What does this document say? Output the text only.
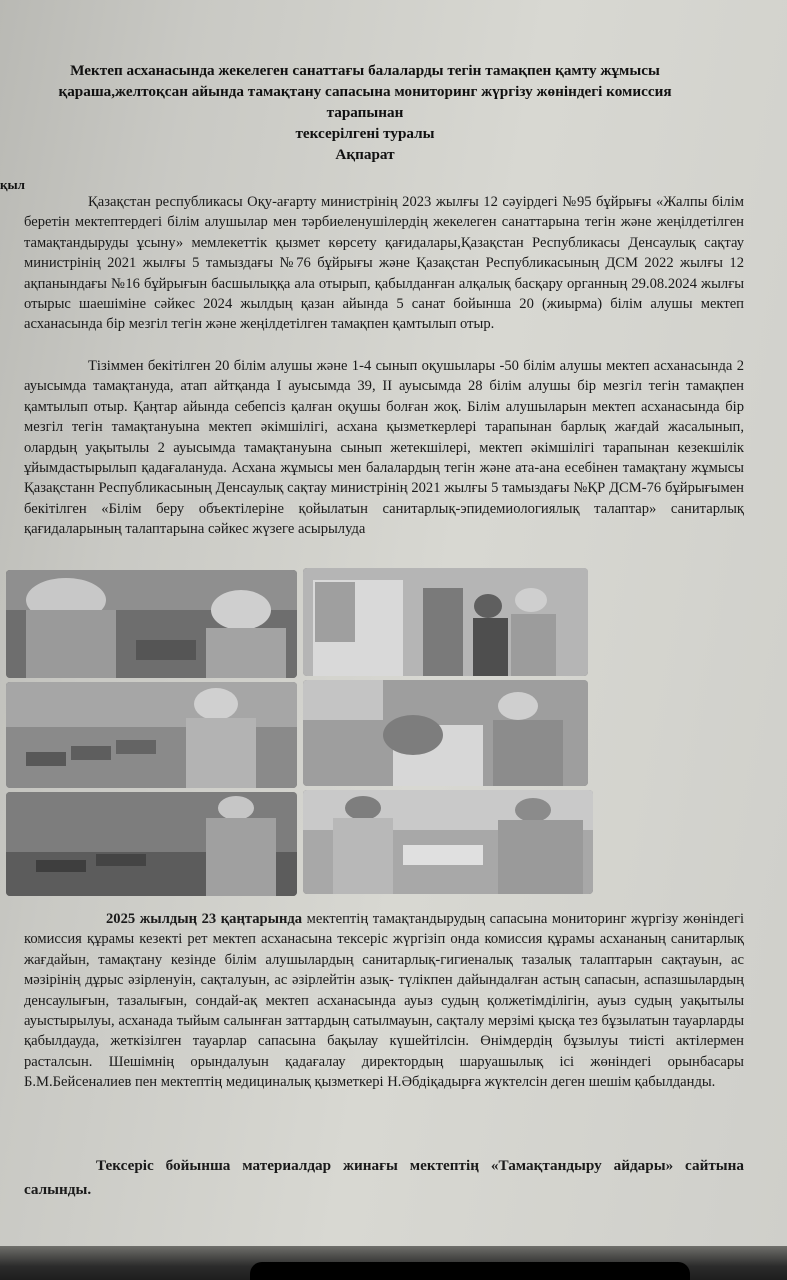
Мектеп асханасында жекелеген санаттағы балаларды тегін тамақпен қамту жұмысы
қараша,желтоқсан айында тамақтану сапасына мониторинг жүргізу жөніндегі комиссия
тарапынан
тексерілгені туралы
Ақпарат
қыл
Қазақстан республикасы Оқу-ағарту министрінің 2023 жылғы 12 сәуірдегі №95 бұйрығы «Жалпы білім беретін мектептердегі білім алушылар мен тәрбиеленушілердің жекелеген санаттарына тегін және жеңілдетілген тамақтандыруды ұсыну» мемлекеттік қызмет көрсету қағидалары,Қазақстан Республикасы Денсаулық сақтау министрінің 2021 жылғы 5 тамыздағы №76 бұйрығы және Қазақстан Республикасының ДСМ 2022 жылғы 12 ақпанындағы №16 бұйрығын басшылыққа ала отырып, қабылданған алқалық басқару органның 29.08.2024 жылғы отырыс шаешіміне сәйкес 2024 жылдың қазан айында 5 санат бойынша 20 (жиырма) білім алушы мектеп асханасында бір мезгіл тегін және жеңілдетілген тамақпен қамтылып отыр.
Тізіммен бекітілген 20 білім алушы және 1-4 сынып оқушылары -50 білім алушы мектеп асханасында 2 ауысымда тамақтануда, атап айтқанда І ауысымда 39, ІІ ауысымда 28 білім алушы бір мезгіл тегін тамақпен қамтылып отыр. Қаңтар айында себепсіз қалған оқушы болған жоқ. Білім алушыларын мектеп асханасында бір мезгіл тегін тамақтануына мектеп әкімшілігі, асхана қызметкерлері тарапынан барлық жағдай жасалынып, олардың уақытылы 2 ауысымда тамақтануына сынып жетекшілері, мектеп әкімшілігі тарапынан кезекшілік ұйымдастырылып қадағалануда. Асхана жұмысы мен балалардың тегін және ата-ана есебінен тамақтану жұмысы Қазақстанн Республикасының Денсаулық сақтау министрінің 2021 жылғы 5 тамыздағы №ҚР ДСМ-76 бұйрығымен бекітілген «Білім беру объектілеріне қойылатын санитарлық-эпидемиологиялық талаптар» санитарлық қағидаларының талаптарына сәйкес жүзеге асырылуда
2025 жылдың 23 қаңтарында мектептің тамақтандырудың сапасына мониторинг жүргізу жөніндегі комиссия құрамы кезекті рет мектеп асханасына тексеріс жүргізіп онда комиссия құрамы асхананың санитарлық жағдайын, тамақтану кезінде білім алушылардың санитарлық-гигиеналық тазалық талаптарын сақтауын, ас мәзірінің дұрыс әзірленуін, сақталуын, ас әзірлейтін азық- түлікпен дайындалған астың сапасын, аспазшылардың денсаулығын, тазалығын, сондай-ақ мектеп асханасында ауыз судың қолжетімділігін, ауыз судың уақытылы ауыстырылуы, асханада тыйым салынған заттардың сатылмауын, сақталу мерзімі қысқа тез бұзылатын тауарларды қабылдауда, жеткізілген тауарлар сапасына бақылау күшейтілсін. Өнімдердің бұзылуы тиісті актілермен расталсын. Шешімнің орындалуын қадағалау директордың шаруашылық ісі жөніндегі орынбасары Б.М.Бейсеналиев пен мектептің медициналық қызметкері Н.Әбдіқадырға жүктелсін деген шешім қабылданды.
Тексеріс бойынша материалдар жинағы мектептің «Тамақтандыру айдары» сайтына салынды.
